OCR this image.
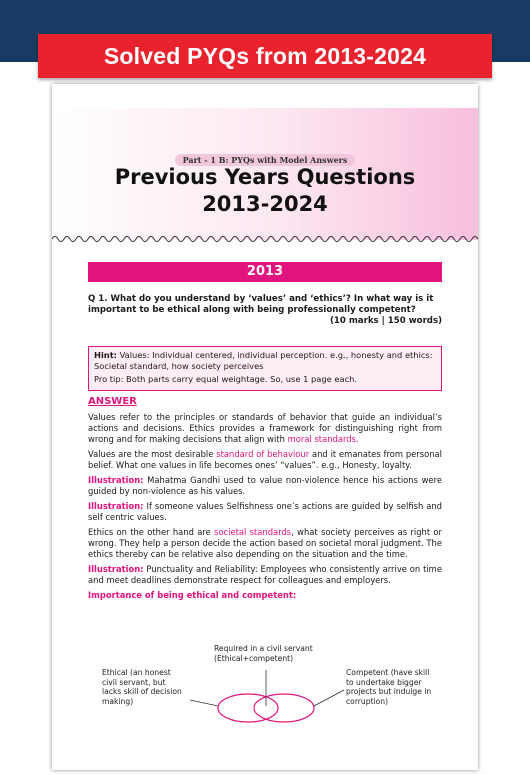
Solved PYQs from 2013-2024
Part - 1 B: PYQs with Model Answers
Previous Years Questions
2013-2024
2013
Q 1. What do you understand by ‘values’ and ‘ethics’? In what way is it important to be ethical along with being professionally competent?
(10 marks | 150 words)

Hint: Values: Individual centered, individual perception. e.g., honesty and ethics: Societal standard, how society perceives

Pro tip: Both parts carry equal weightage. So, use 1 page each.

ANSWER

Values refer to the principles or standards of behavior that guide an individual’s actions and decisions. Ethics provides a framework for distinguishing right from wrong and for making decisions that align with moral standards.

Values are the most desirable standard of behaviour and it emanates from personal belief. What one values in life becomes ones’ “values”. e.g., Honesty, loyalty.

Illustration: Mahatma Gandhi used to value non-violence hence his actions were guided by non-violence as his values.

Illustration: If someone values Selfishness one’s actions are guided by selfish and self centric values.

Ethics on the other hand are societal standards, what society perceives as right or wrong. They help a person decide the action based on societal moral judgment. The ethics thereby can be relative also depending on the situation and the time.

Illustration: Punctuality and Reliability: Employees who consistently arrive on time and meet deadlines demonstrate respect for colleagues and employers.

Importance of being ethical and competent:

Required in a civil servant (Ethical+competent)
Ethical (an honest civil servant, but lacks skill of decision making)
Competent (have skill to undertake bigger projects but indulge in corruption)
